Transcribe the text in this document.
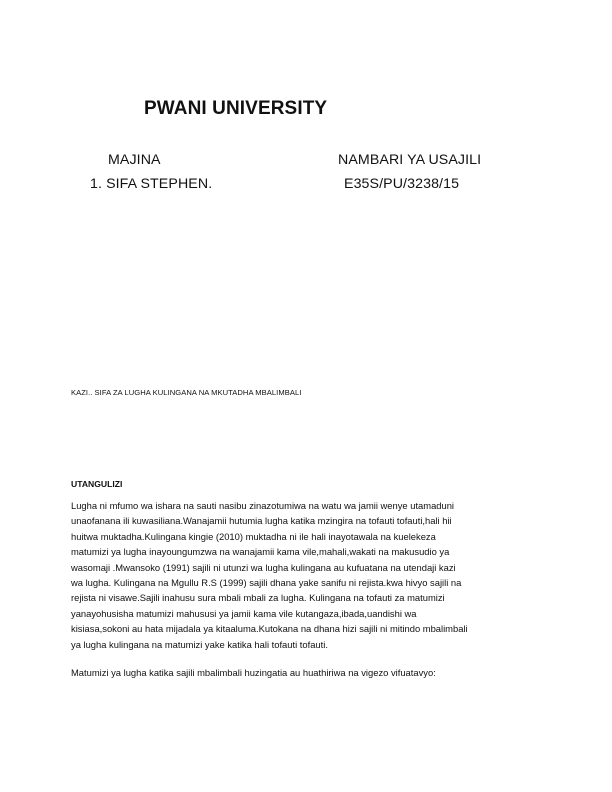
PWANI UNIVERSITY
MAJINA	NAMBARI YA USAJILI
1. SIFA STEPHEN.	E35S/PU/3238/15
KAZI.. SIFA ZA LUGHA KULINGANA NA MKUTADHA MBALIMBALI
UTANGULIZI

Lugha ni mfumo wa ishara na sauti nasibu zinazotumiwa na watu wa jamii wenye utamaduni
unaofanana ili kuwasiliana.Wanajamii hutumia lugha katika mzingira na tofauti tofauti,hali hii
huitwa muktadha.Kulingana kingie (2010) muktadha ni ile hali inayotawala na kuelekeza
matumizi ya lugha inayoungumzwa na wanajamii kama vile,mahali,wakati na makusudio ya
wasomaji .Mwansoko (1991) sajili ni utunzi wa lugha kulingana au kufuatana na utendaji kazi
wa lugha. Kulingana na Mgullu R.S (1999) sajili dhana yake sanifu ni rejista.kwa hivyo sajili na
rejista ni visawe.Sajili inahusu sura mbali mbali za lugha. Kulingana na tofauti za matumizi
yanayohusisha matumizi mahususi ya jamii kama vile kutangaza,ibada,uandishi wa
kisiasa,sokoni au hata mijadala ya kitaaluma.Kutokana na dhana hizi sajili ni mitindo mbalimbali
ya lugha kulingana na matumizi yake katika hali tofauti tofauti.

Matumizi ya lugha katika sajili mbalimbali huzingatia au huathiriwa na vigezo vifuatavyo:
